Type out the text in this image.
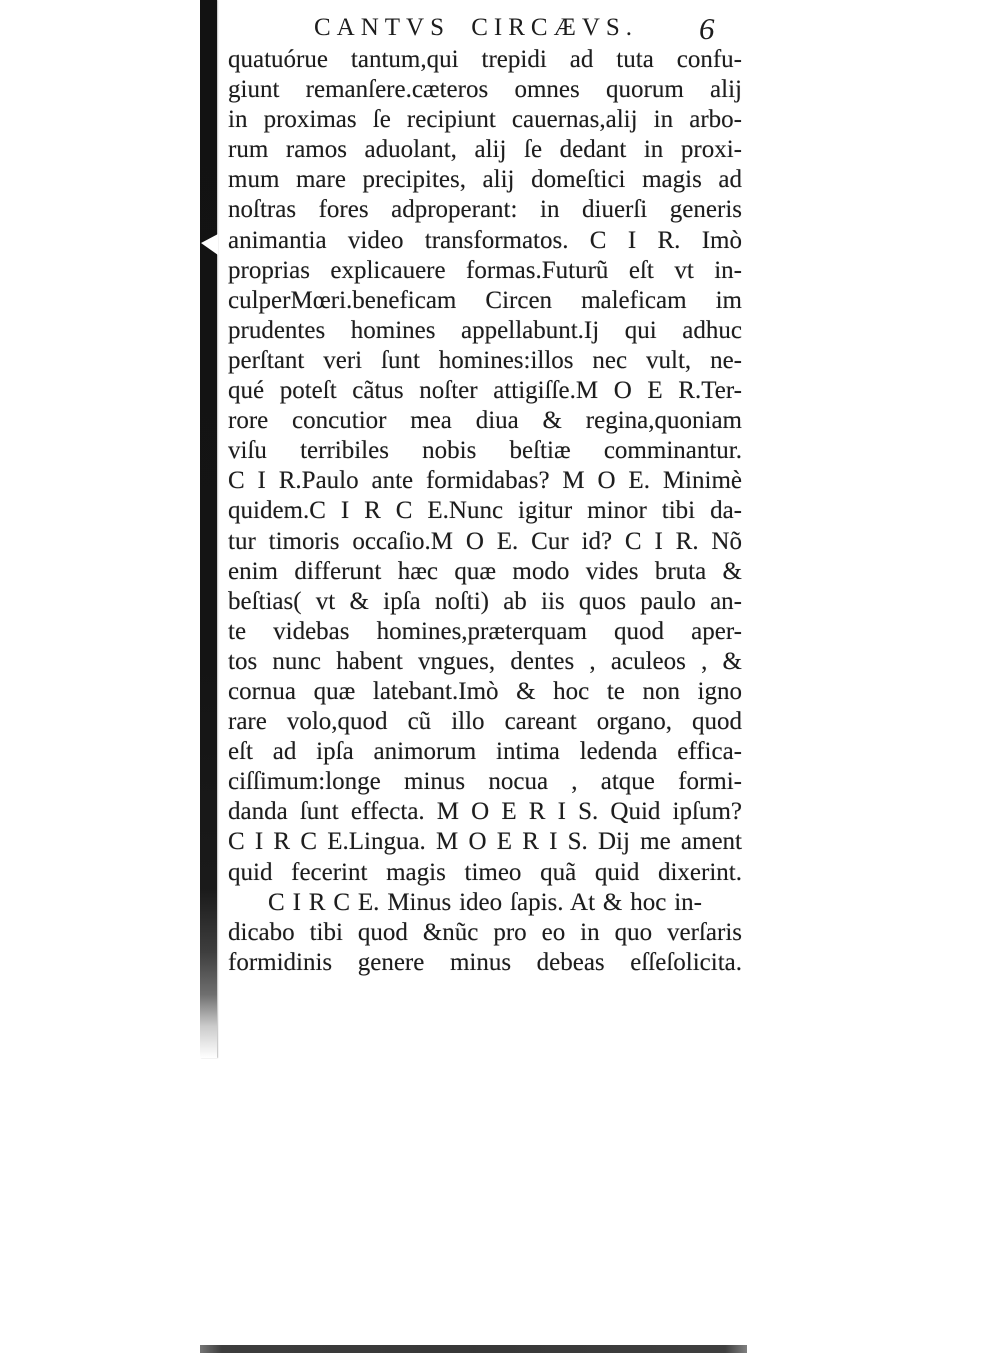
CANTVS CIRCÆVS. 6
quatuórue tantum,qui trepidi ad tuta confu-
giunt remanſere.cæteros omnes quorum alij
in proximas ſe recipiunt cauernas,alij in arbo-
rum ramos aduolant, alij ſe dedant in proxi-
mum mare precipites, alij domeſtici magis ad
noſtras fores adproperant: in diuerſi generis
animantia video transformatos. C I R. Imò
proprias explicauere formas.Futurũ eſt vt in-
culperMœri.beneficam Circen maleficam im
prudentes homines appellabunt.Ij qui adhuc
perſtant veri ſunt homines:illos nec vult, ne-
qué poteſt cãtus noſter attigiſſe.M O E R.Ter-
rore concutior mea diua & regina,quoniam
viſu terribiles nobis beſtiæ comminantur.
C I R.Paulo ante formidabas? M O E. Minimè
quidem.C I R C E.Nunc igitur minor tibi da-
tur timoris occaſio.M O E. Cur id? C I R. Nõ
enim differunt hæc quæ modo vides bruta &
beſtias( vt & ipſa noſti) ab iis quos paulo an-
te videbas homines,præterquam quod aper-
tos nunc habent vngues, dentes , aculeos , &
cornua quæ latebant.Imò & hoc te non igno
rare volo,quod cũ illo careant organo, quod
eſt ad ipſa animorum intima ledenda effica-
ciſſimum:longe minus nocua , atque formi-
danda ſunt effecta. M O E R I S. Quid ipſum?
C I R C E.Lingua. M O E R I S. Dij me ament
quid fecerint magis timeo quã quid dixerint.
C I R C E. Minus ideo ſapis. At & hoc in-
dicabo tibi quod &nũc pro eo in quo verſaris
formidinis genere minus debeas eſſeſolicita.
